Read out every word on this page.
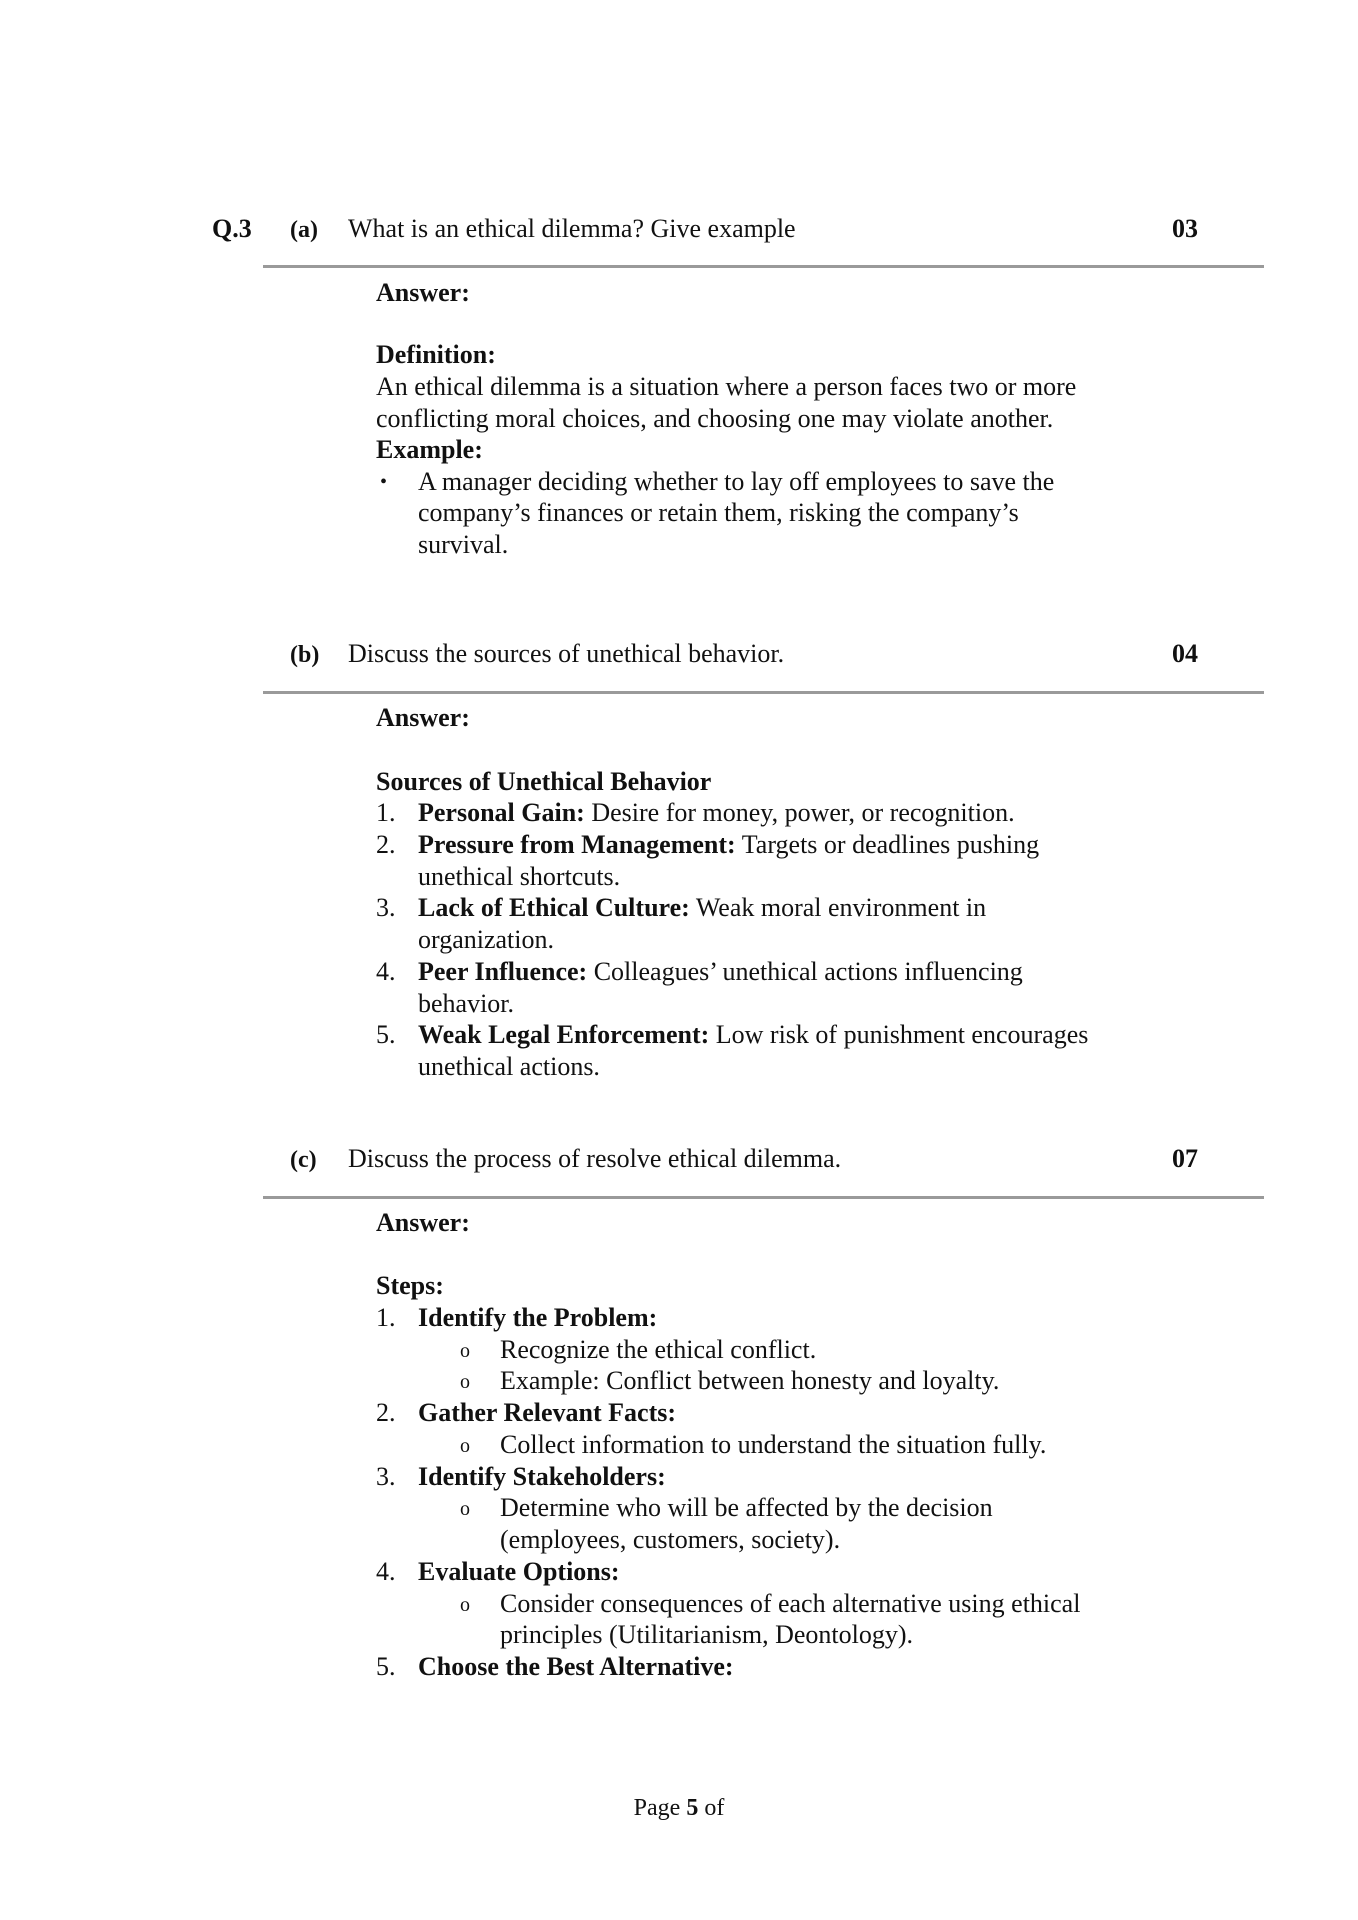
Q.3 (a) What is an ethical dilemma? Give example	03
Answer:
Definition:
An ethical dilemma is a situation where a person faces two or more
conflicting moral choices, and choosing one may violate another.
Example:
• A manager deciding whether to lay off employees to save the
company’s finances or retain them, risking the company’s
survival.
(b) Discuss the sources of unethical behavior.	04
Answer:
Sources of Unethical Behavior
1. Personal Gain: Desire for money, power, or recognition.
2. Pressure from Management: Targets or deadlines pushing
unethical shortcuts.
3. Lack of Ethical Culture: Weak moral environment in
organization.
4. Peer Influence: Colleagues’ unethical actions influencing
behavior.
5. Weak Legal Enforcement: Low risk of punishment encourages
unethical actions.
(c) Discuss the process of resolve ethical dilemma.	07
Answer:
Steps:
1. Identify the Problem:
o Recognize the ethical conflict.
o Example: Conflict between honesty and loyalty.
2. Gather Relevant Facts:
o Collect information to understand the situation fully.
3. Identify Stakeholders:
o Determine who will be affected by the decision
(employees, customers, society).
4. Evaluate Options:
o Consider consequences of each alternative using ethical
principles (Utilitarianism, Deontology).
5. Choose the Best Alternative:
Page 5 of
